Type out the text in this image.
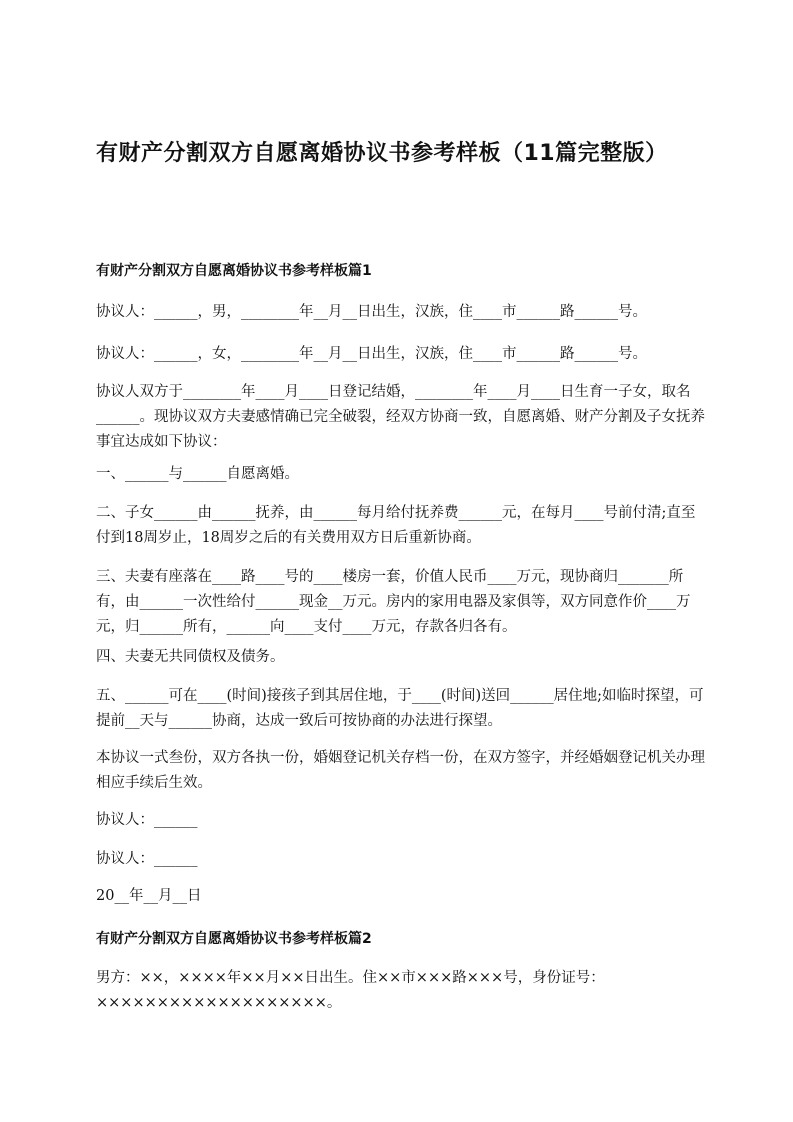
有财产分割双方自愿离婚协议书参考样板（11篇完整版）
有财产分割双方自愿离婚协议书参考样板篇1

协议人：______，男，________年__月__日出生，汉族，住____市______路______号。

协议人：______，女，________年__月__日出生，汉族，住____市______路______号。

协议人双方于________年____月____日登记结婚，________年____月____日生育一子女，取名______。现协议双方夫妻感情确已完全破裂，经双方协商一致，自愿离婚、财产分割及子女抚养事宜达成如下协议：

一、______与______自愿离婚。

二、子女______由______抚养，由______每月给付抚养费______元，在每月____号前付清;直至付到18周岁止，18周岁之后的有关费用双方日后重新协商。

三、夫妻有座落在____路____号的____楼房一套，价值人民币____万元，现协商归_______所有，由______一次性给付______现金__万元。房内的家用电器及家俱等，双方同意作价____万元，归______所有，______向____支付____万元，存款各归各有。

四、夫妻无共同债权及债务。

五、______可在____(时间)接孩子到其居住地，于____(时间)送回______居住地;如临时探望，可提前__天与______协商，达成一致后可按协商的办法进行探望。

本协议一式叁份，双方各执一份，婚姻登记机关存档一份，在双方签字，并经婚姻登记机关办理相应手续后生效。

协议人：______

协议人：______

20__年__月__日

有财产分割双方自愿离婚协议书参考样板篇2

男方：××，××××年××月××日出生。住××市×××路×××号，身份证号：×××××××××××××××××××。
